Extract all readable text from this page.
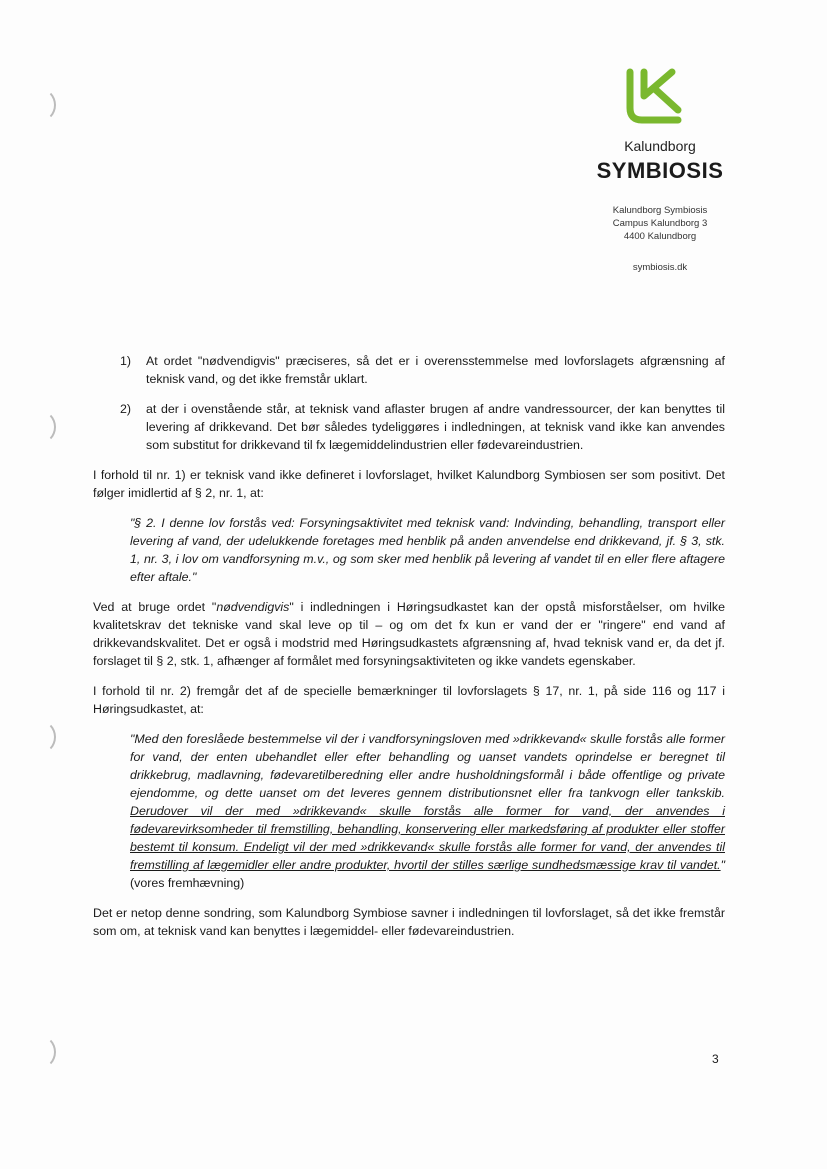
Kalundborg
SYMBIOSIS
Kalundborg Symbiosis
Campus Kalundborg 3
4400 Kalundborg
symbiosis.dk
1) At ordet "nødvendigvis" præciseres, så det er i overensstemmelse med lovforslagets afgrænsning af teknisk vand, og det ikke fremstår uklart.
2) at der i ovenstående står, at teknisk vand aflaster brugen af andre vandressourcer, der kan benyttes til levering af drikkevand. Det bør således tydeliggøres i indledningen, at teknisk vand ikke kan anvendes som substitut for drikkevand til fx lægemiddelindustrien eller fødevareindustrien.

I forhold til nr. 1) er teknisk vand ikke defineret i lovforslaget, hvilket Kalundborg Symbiosen ser som positivt. Det følger imidlertid af § 2, nr. 1, at:

"§ 2. I denne lov forstås ved: Forsyningsaktivitet med teknisk vand: Indvinding, behandling, transport eller levering af vand, der udelukkende foretages med henblik på anden anvendelse end drikkevand, jf. § 3, stk. 1, nr. 3, i lov om vandforsyning m.v., og som sker med henblik på levering af vandet til en eller flere aftagere efter aftale."

Ved at bruge ordet "nødvendigvis" i indledningen i Høringsudkastet kan der opstå misforståelser, om hvilke kvalitetskrav det tekniske vand skal leve op til – og om det fx kun er vand der er "ringere" end vand af drikkevandskvalitet. Det er også i modstrid med Høringsudkastets afgrænsning af, hvad teknisk vand er, da det jf. forslaget til § 2, stk. 1, afhænger af formålet med forsyningsaktiviteten og ikke vandets egenskaber.

I forhold til nr. 2) fremgår det af de specielle bemærkninger til lovforslagets § 17, nr. 1, på side 116 og 117 i Høringsudkastet, at:

"Med den foreslåede bestemmelse vil der i vandforsyningsloven med »drikkevand« skulle forstås alle former for vand, der enten ubehandlet eller efter behandling og uanset vandets oprindelse er beregnet til drikkebrug, madlavning, fødevaretilberedning eller andre husholdningsformål i både offentlige og private ejendomme, og dette uanset om det leveres gennem distributionsnet eller fra tankvogn eller tankskib. Derudover vil der med »drikkevand« skulle forstås alle former for vand, der anvendes i fødevarevirksomheder til fremstilling, behandling, konservering eller markedsføring af produkter eller stoffer bestemt til konsum. Endeligt vil der med »drikkevand« skulle forstås alle former for vand, der anvendes til fremstilling af lægemidler eller andre produkter, hvortil der stilles særlige sundhedsmæssige krav til vandet." (vores fremhævning)

Det er netop denne sondring, som Kalundborg Symbiose savner i indledningen til lovforslaget, så det ikke fremstår som om, at teknisk vand kan benyttes i lægemiddel- eller fødevareindustrien.

3
